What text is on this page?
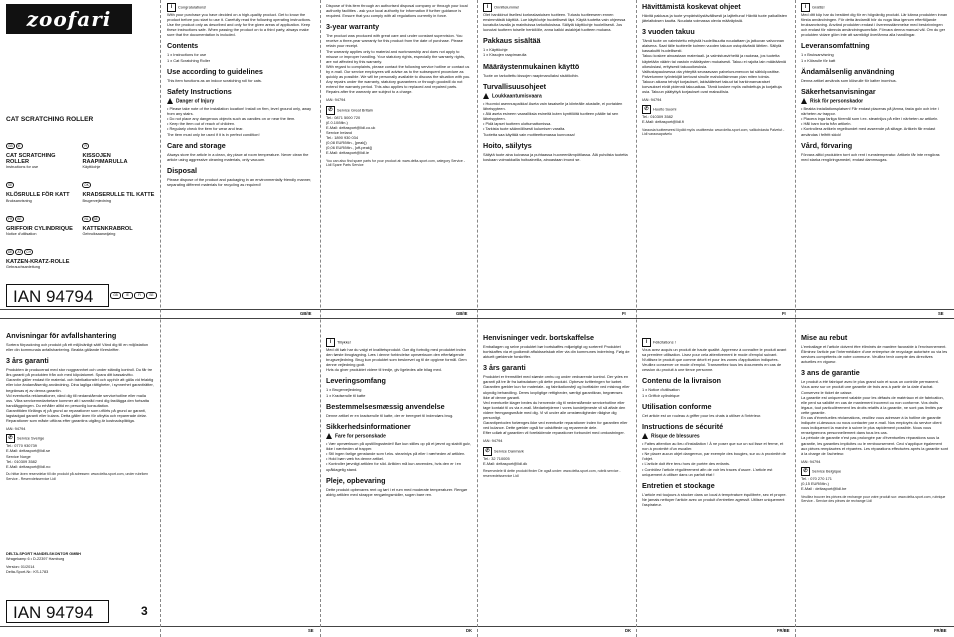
GB/IE	GB/IE	FI	FI	SE
SE	DK	DK	FR/BE	FR/BE
zoofari
CAT SCRATCHING ROLLER
GB IE
CAT SCRATCHING ROLLER
Instructions for use
FI
KISSOJEN RAAPIMARULLA
Käyttöohje
SE
KLÖSRULLE FÖR KATT
Bruksanvisning
DK
KRADSERULLE TIL KATTE
Brugervejledning
FR BE
GRIFFOIR CYLINDRIQUE
Notice d'utilisation
NL BE
KATTENKRABROL
Gebruiksaanwijzing
DE AT CH
KATZEN-KRATZ-ROLLE
Gebrauchsanleitung
IAN 94794	GB	IE	FI	SE

i Congratulations!
With your purchase you have decided on a high-quality product. Get to know the product before you start to use it. Carefully read the following operating instructions. Use the product only as described and only for the given areas of application. Keep these instructions safe. When passing the product on to a third party, always make sure that the documentation is included.

Contents

1 x Instructions for use
1 x Cat Scratching Roller

Use according to guidelines

This item functions as an indoor scratching roll for cats.

Safety Instructions
Danger of Injury

• Please take note of the installation location! Install on firm, level ground only, away from any stairs.
• Do not place any dangerous objects such as candles on or near the item.
• Keep the item out of reach of children.
• Regularly check the item for wear and tear.
The item must only be used if it is in perfect condition!

Care and storage

Always store the article in a clean, dry place at room temperature. Never clean the article using aggressive cleaning materials, only vacuum.

Disposal

Please dispose of the product and packaging in an environmentally friendly manner, separating different materials for recycling as required!

Dispose of this item through an authorised disposal company or through your local authority facilities - ask your local authority for information if further guidance is required. Ensure that you comply with all regulations currently in force.

3-year warranty

The product was produced with great care and under constant supervision. You receive a three-year warranty for this product from the date of purchase. Please retain your receipt.
The warranty applies only to material and workmanship and does not apply to misuse or improper handling. Your statutory rights, especially the warranty rights, are not affected by this warranty.
With regard to complaints, please contact the following service hotline or contact us by e-mail. Our service employees will advise as to the subsequent procedure as quickly as possible. We will be personally available to discuss the situation with you.
Any repairs under the warranty, statutory guarantees or through goodwill do not extend the warranty period. This also applies to replaced and repaired parts. Repairs after the warranty are subject to a charge.

IAN: 94794

✆ Service Great Britain
Tel.: 0871 5000 720
(£ 0.10/Min.)
E-Mail: deltasport@lidl.co.uk
Service Ireland
Tel.: 1890 930 034
(0,08 EUR/Min., [peak])
(0,06 EUR/Min., [off-peak])
E-Mail: deltasport@lidl.ie

You can also find spare parts for your product at: www.delta-sport.com, category Service - Lidl Spare Parts Service

i Onnittelumme!
Olet hankkinut itsellesi korkealaatuisen tuotteen. Tutustu tuotteeseen ennen ensimmäistä käyttöä. Lue käyttöohje huolellisesti läpi. Käytä tuotetta vain ohjeessa kuvatulla tavalla ja mainituissa tarkoituksissa. Säilytä käyttöohje huolellisesti. Jos luovutat tuotteen toiselle henkilölle, anna kaikki asiakirjat tuotteen mukana.

Pakkaus sisältää

1 x Käyttöohje
1 x Kissojen raapimarulla

Määräystenmukainen käyttö

Tuote on tarkoitettu kissojen raapimarullaksi sisätiloihin.

Turvallisuusohjeet
Loukkaantumisvaara

• Huomioi asennuspaikka! Aseta vain tasaiselle ja kiinteälle alustalle, ei portaiden läheisyyteen.
• Älä aseta esineen vaaralliksia esineitä kuten kynttilöitä tuotteen päälle tai sen läheisyyteen.
• Pidä lapset tuotteen ulottumattomissa.
• Tarkista tuote säännöllisesti kulumisen varalta.
Tuotetta saa käyttää vain moitteettomassa kunnossa!

Hoito, säilytys

Säilytä tuote aina kuivassa ja puhtaassa huoneenlämpötilassa. Älä puhdista tuotetta koskaan voimakkailla hoitoaineilla, ainoastaan imuroi se.

Hävittämistä koskevat ohjeet

Hävitä pakkaus ja tuote ympäristöystävällisesti ja lajiteltuna! Hävitä tuote paikallisten jätelaitoksen kautta. Noudata voimassa olevia määräyksiä.

3 vuoden takuu

Tämä tuote on valmistettu erityistä huolellisuutta noudattaen ja jatkuvan valvonnan alaisena. Saat tälle tuotteelle kolmen vuoden takuun ostopäivästä lähtien. Säilytä kassakuitti huolellisesti.
Takuu koskee ainoastaan materiaali- ja valmistusvirheitä ja raukeaa, jos tuotetta käytetään väärin tai vastoin määräysten mukaisesti. Takuu ei rajoita lain määräämiä oikeuksiasi, erityisesti takuuoikeuksia.
Valitustapauksessa ota yhteyttä seuraavaan palvelunumeroon tai sähköpostitse. Palvelumme työntekijät kertovat sinulle mahdollisimman pian miten toimia.
Takuun aikana tehdyt korjaukset, lakisääteiset takuut tai harkinnanvaraiset korvaukset eivät pidennä takuuaikaa. Tämä koskee myös vaihdettuja ja korjattuja osia. Takuun päätyttyä korjaukset ovat maksullisia.

IAN: 94794

✆ Huolto Suomi
Tel.: 010309 3582
E-Mail: deltasport@lidl.fi

Varaosia tuotteeseesi löydät myös osoitteesta: www.delta-sport.com, valikohdasta Palvelut - Lidl varaosapalvelu

i Grattis!
Med ditt köp har du bestämt dig för en högvärdig produkt. Lär känna produkten innan första användningen. För detta ändamål bör du noga läsa igenom efterföljande bruksanvisning. Använd produkten endast i överensstämmelse med beskrivningen och endast för nämnda användningsområde. Förvara denna manual väl. Om du ger produkten vidare glöm inte att samtidigt överlämna alla handlingar.

Leveransomfattning

1 x Bruksanvisning
1 x Klösrulle för katt

Ändamålsenlig användning

Denna artikel används som klösrulle för katter inomhus.

Säkerhetsanvisningar
Risk för personskador

• Beakta installationsplatsen! Får endast placeras på jämna, fasta golv och inte i närheten av trappor.
• Placera inga farliga föremål som t.ex. stearinljus på eller i närheten av artikeln.
• Håll barn borta från artikeln.
• Kontrollera artikeln regelbundet med avseende på slitage. Artikeln får endast användas i felfritt skick!

Vård, förvaring

Förvara alltid produkten torrt och rent i rumstemperatur. Artikeln får inte rengöras med starka rengöringsmedel, endast dammsugas.

Anvisningar för avfallshantering

Sortera förpackning och produkt på ett miljövänligt sätt! Vänd dig till en miljöstation eller din kommunala avfallshantering. Beakta gällande föreskrifter.

3 års garanti

Produkten är producerad med stor noggrannhet och under ständig kontroll. Du får tre års garanti på produkten från och med köpdatumet. Spara ditt kassakvitto.
Garantin gäller endast för material- och fabrikationsfel och upphör att gälla vid felaktig eller icke ändamålsenlig användning. Dina lagliga rättigheter, i synnerhet garantirätter, begränsas ej av denna garantin.
Vid eventuella reklamationer, vänd dig till nedanstående servicehotline eller maila oss. Våra servicemedarbetare kommer att i samråd med dig fastlägga den fortsatta handläggningen. Du erhåller alltid en personlig konsultation.
Garantitiden förlängs ej på grund av reparationer som utförts på grund av garanti, lagstadgad garanti eller kulans. Detta gäller även för utbytta och reparerade delar. Reparationer som måste utföras efter garantins utgång är kostnadspliktiga.

IAN: 94794

✆ Service Sverige
Tel.: 0770 930739
E-Mail: deltasport@lidl.se
Service Norge
Tel.: 010309 3582
E-Mail: deltasport@lidl.no

Du hittar även reservdelar till din produkt på adressen: www.delta-sport.com, under rubriken Service - Reservdelsservice Lidl

DELTA-SPORT HANDELSKONTOR GMBH
Wragekamp 6 • D-22397 Hamburg
Version: 01/2014
Delta-Sport-Nr.: KS-1783
IAN 94794	3

i Tillykke!
Med dit køb har du valgt et kvalitetsprodukt. Gør dig fortrolig med produktet inden den første ibrugtagning. Læs i denne forbindelse opmærksom den efterfølgende brugsvejledning. Brug kun produktet som beskrevet og til de opgivne formål. Gem denne vejledning godt.
Hvis du giver produktet videre til tredje, giv ligeledes alle bilag med.

Leveringsomfang

1 x Brugervejledning
1 x Kradserulle til katte

Bestemmelsesmæssig anvendelse

Denne artikel er en kradserulle til katte, der er beregnet til indendørs brug.

Sikkerhedsinformationer
Fare for personskade

• Vær opmærksom på opstillingsstedet! Bør kun stilles op på et jævnt og stabilt gulv, ikke i nærheden af trapper.
• Stil ingen farlige genstande som f.eks. stearinlys på eller i nærheden af artiklen.
• Hold børn væk fra denne artikel.
• Kontroller jævnligt artiklen for slid. Artiklen må kun anvendes, hvis den er i en upåklagelig stand.

Pleje, opbevaring

Dette produkt opbevares rent og tørt i et rum med moderate temperaturer. Rengør aldrig artiklen med skrappe rengøringsmidler, sugen bare ren.

Henvisninger vedr. bortskaffelse

Emballagen og selve produktet bør bortskaffes miljørigtigt og sorteret! Produktet bortskaffes via et godkendt affaldsselskab eller via din kommunes indretning. Følg de aktuelt gældende forskrifter.

3 års garanti

Produktet er fremstillet med største omhu og under vedvarende kontrol. Der ydes en garanti på tre år fra købsdatoen på dette produkt. Opbevar kvitteringen for købet.
Garantien gælder kun for materiale- og fabrikationsfejl og bortfalder ved misbrug eller ukyndig behandling. Deres lovpligtige rettigheder, særligt garantikrav, begrænses ikke af denne garanti.
Ved eventuelle klager bedes du henvende dig til nedenstående servicehotline eller tage kontakt til os via e-mail. Medarbejderne i vores kundetjeneste vil så aftale den videre fremgangsmåde med dig. Vi vil under alle omstændigheder rådgive dig personligt.
Garantiperioden forlænges ikke ved eventuelle reparationer inden for garantien eller ved kulance. Dette gælder også for udskiftede og reparerede dele.
Efter udløb af garantien vil forefaldende reparationer forbundet med omkostninger.

IAN: 94794

✆ Service Danmark
Tel.: 32 710005
E-Mail: deltasport@lidl.dk

Reservedele til dette produkt finder De også under: www.delta-sport.com, rubrik service - reservedelsservice Lidl

i Félicitations !
Vous avez acquis un produit de haute qualité. Apprenez à connaître le produit avant sa première utilisation. Lisez pour cela attentivement le mode d'emploi suivant. N'utilisez le produit que comme décrit et pour les zones d'application indiquées. Veuillez conserver ce mode d'emploi. Transmettez tous les documents en cas de cession du produit à une tierce personne.

Contenu de la livraison

1 x Notice d'utilisation
1 x Griffoir cylindrique

Utilisation conforme

Cet article est un rouleau à griffer pour les chats à utiliser à l'intérieur.

Instructions de sécurité
Risque de blessures

• Faites attention au lieu d'installation ! À ne poser que sur un sol lisse et ferme, et non à proximité d'un escalier.
• Ne placer aucun objet dangereux, par exemple des bougies, sur ou à proximité de l'objet.
• L'article doit être tenu hors de portée des enfants.
• Contrôlez l'article régulièrement afin de voir les traces d'usure. L'article est uniquement à utiliser dans un parfait état !

Entretien et stockage

L'article est toujours à stocker dans un local à température équilibrée, sec et propre. Ne jamais nettoyer l'article avec un produit d'entretien agressif. Utiliser uniquement l'aspirateur.

Mise au rebut

L'emballage et l'article doivent être éliminés de manière favorable à l'environnement. Éliminez l'article par l'intermédiaire d'une entreprise de recyclage autorisée ou via les services compétents de votre commune. Veuillez tenir compte des directives actuelles en vigueur.

3 ans de garantie

Le produit a été fabriqué avec le plus grand soin et sous un contrôle permanent. Vous avez sur ce produit une garantie de trois ans à partir de la date d'achat. Conservez le ticket de caisse.
La garantie est uniquement valable pour les défauts de matériaux et de fabrication, elle perd sa validité en cas de maniement incorrect ou non conforme. Vos droits légaux, tout particulièrement les droits relatifs à la garantie, ne sont pas limités par cette garantie.
En cas d'éventuelles réclamations, veuillez vous adresser à la hotline de garantie indiquée ci-dessous ou nous contacter par e-mail. Nos employés du service client vous indiqueront la marche à suivre le plus rapidement possible. Nous vous renseignerons personnellement dans tous les cas.
La période de garantie n'est pas prolongée par d'éventuelles réparations sous la garantie, les garanties implicites ou le remboursement. Ceci s'applique également aux pièces remplacées et réparées. Les réparations effectuées après la garantie sont à la charge de l'acheteur.

IAN: 94794

✆ Service Belgique
Tel. : 070 270 171
(0,15 EUR/Min.)
E-Mail : deltasport@lidl.be

Veuillez trouver les pièces de rechange pour votre produit sur: www.delta-sport.com, rubrique Service - Service des pièces de rechange Lidl
